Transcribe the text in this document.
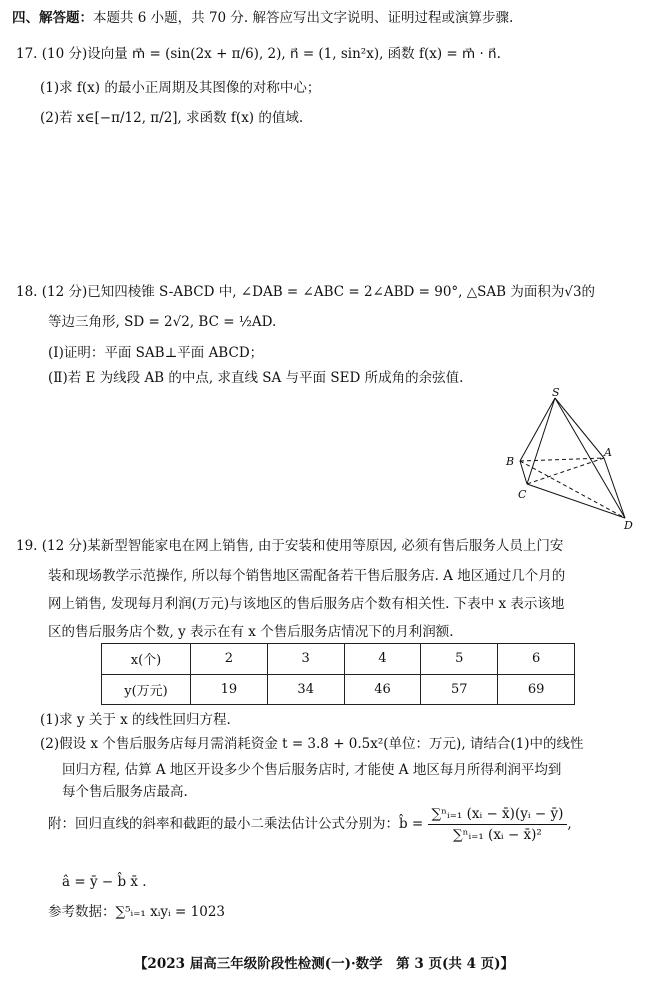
四、解答题：本题共 6 小题，共 70 分. 解答应写出文字说明、证明过程或演算步骤.
17. (10 分)设向量 m⃗ = (sin(2x + π/6), 2), n⃗ = (1, sin²x), 函数 f(x) = m⃗ · n⃗.
(1)求 f(x) 的最小正周期及其图像的对称中心；
(2)若 x∈[−π/12, π/2], 求函数 f(x) 的值域.
18. (12 分)已知四棱锥 S-ABCD 中, ∠DAB = ∠ABC = 2∠ABD = 90°, △SAB 为面积为√3的
等边三角形, SD = 2√2, BC = ½AD.
(Ⅰ)证明：平面 SAB⊥平面 ABCD；
(Ⅱ)若 E 为线段 AB 的中点, 求直线 SA 与平面 SED 所成角的余弦值.
S
A
B
C
D
19. (12 分)某新型智能家电在网上销售, 由于安装和使用等原因, 必须有售后服务人员上门安
装和现场教学示范操作, 所以每个销售地区需配备若干售后服务店. A 地区通过几个月的
网上销售, 发现每月利润(万元)与该地区的售后服务店个数有相关性. 下表中 x 表示该地
区的售后服务店个数, y 表示在有 x 个售后服务店情况下的月利润额.
x(个)	2	3	4	5	6
y(万元)	19	34	46	57	69
(1)求 y 关于 x 的线性回归方程.
(2)假设 x 个售后服务店每月需消耗资金 t = 3.8 + 0.5x²(单位：万元), 请结合(1)中的线性
回归方程, 估算 A 地区开设多少个售后服务店时, 才能使 A 地区每月所得利润平均到
每个售后服务店最高.
附：回归直线的斜率和截距的最小二乘法估计公式分别为：b̂ = $\frac{\text{∑ⁿᵢ₌₁ (xᵢ − x̄)(yᵢ − ȳ)}}{\text{∑ⁿᵢ₌₁ (xᵢ − x̄)²}}$ ,
â = ȳ − b̂ x̄ .
参考数据：∑⁵ᵢ₌₁ xᵢyᵢ = 1023
【2023 届高三年级阶段性检测(一)·数学　第 3 页(共 4 页)】
